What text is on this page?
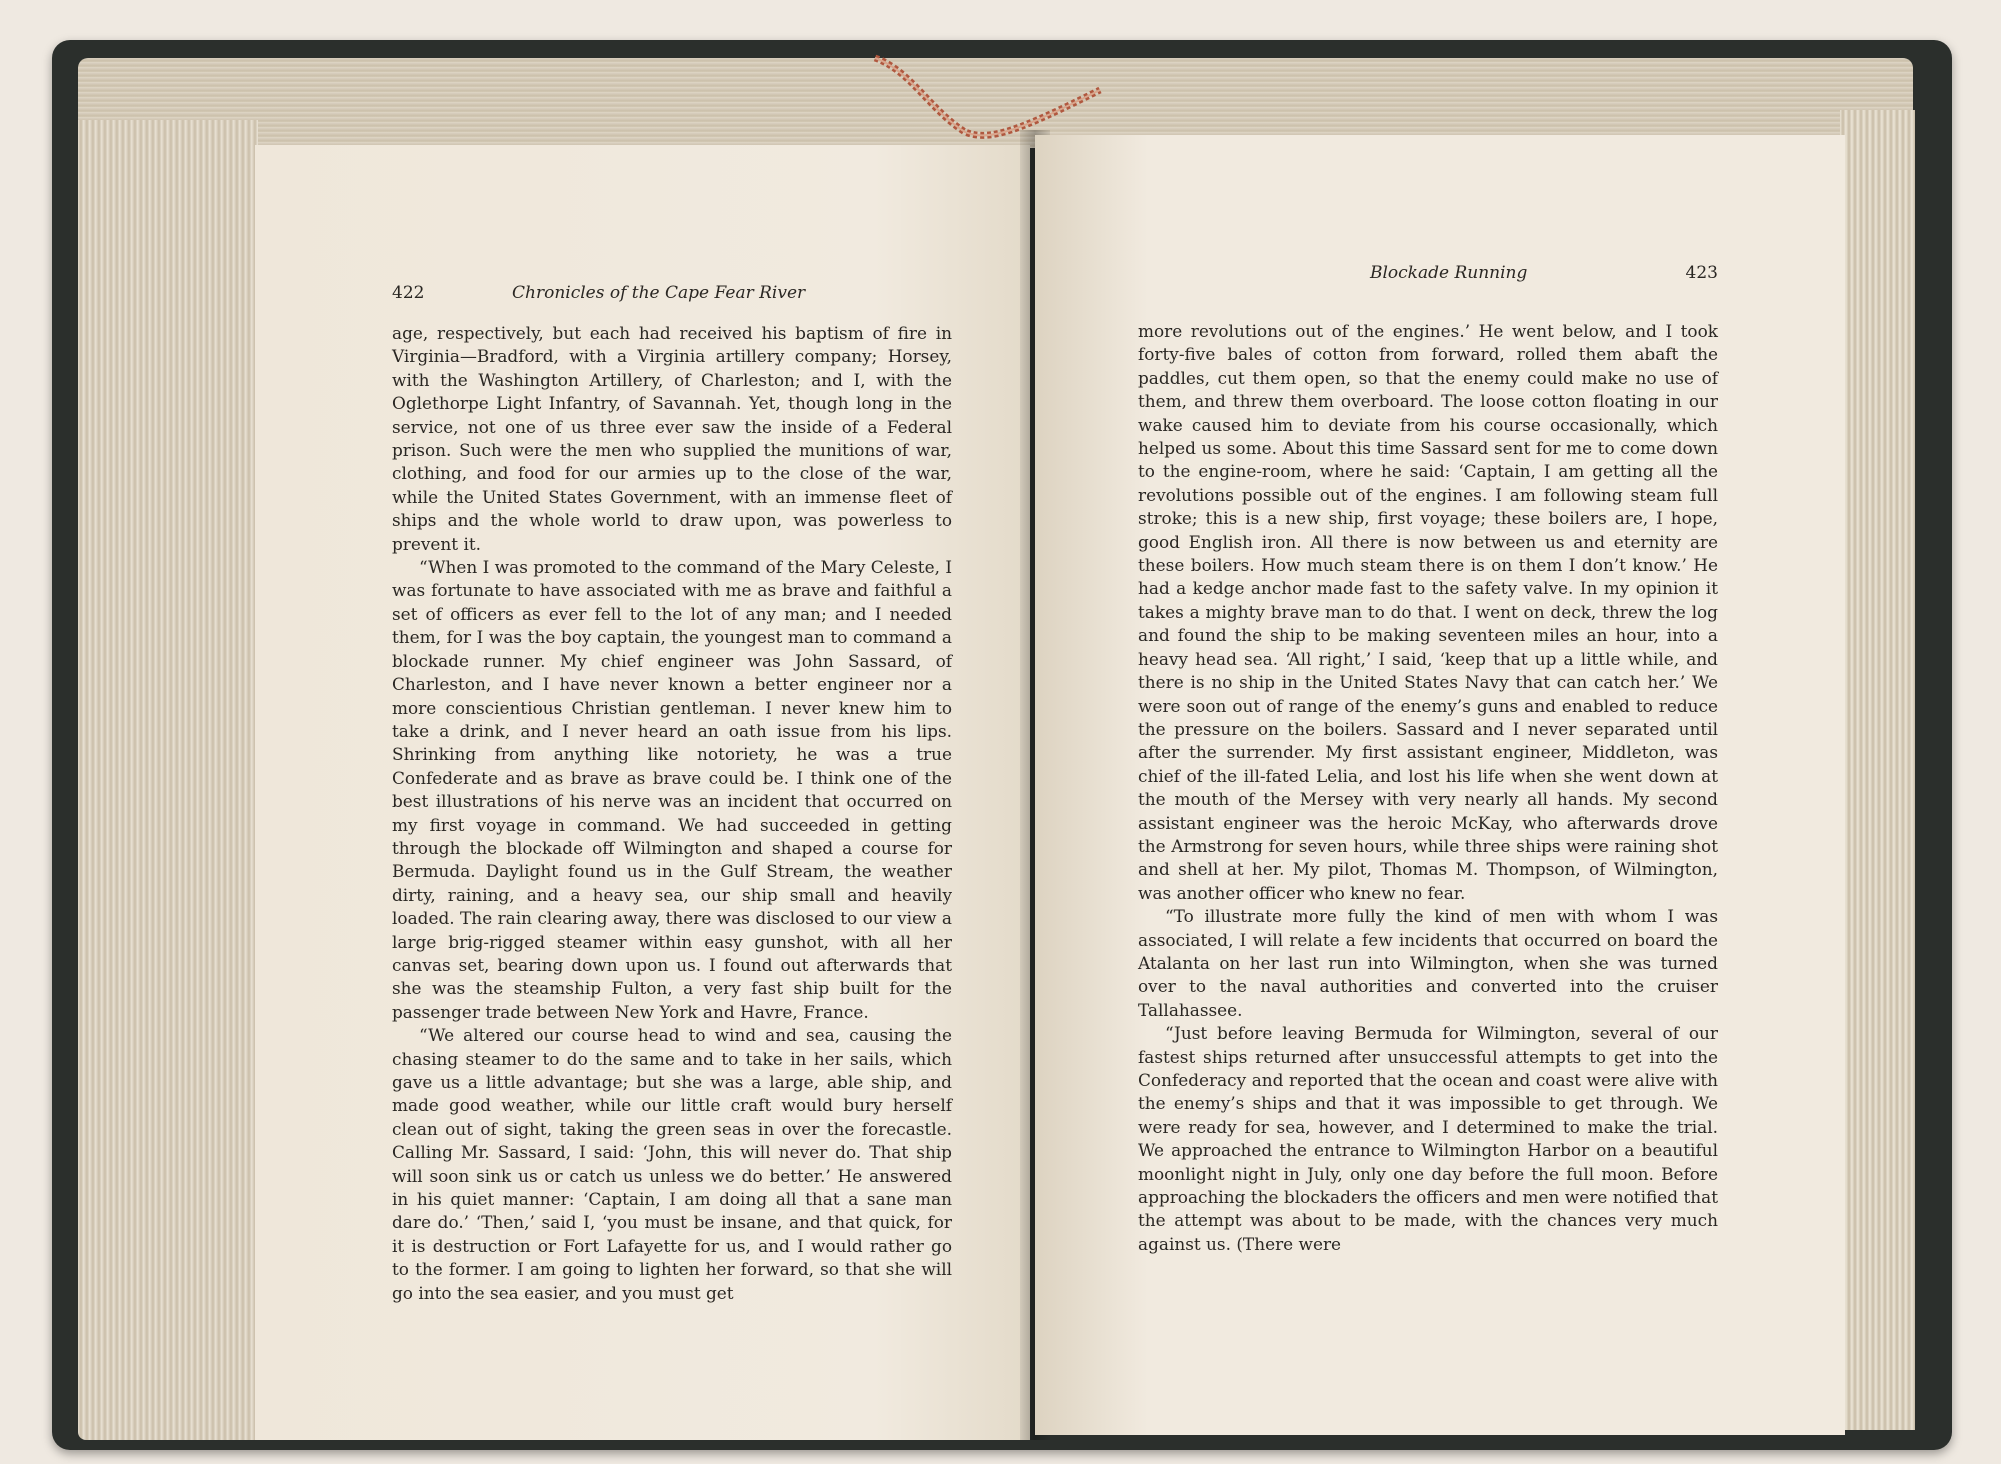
422	Chronicles of the Cape Fear River

age, respectively, but each had received his baptism of fire in Virginia—Bradford, with a Virginia artillery company; Horsey, with the Washington Artillery, of Charleston; and I, with the Oglethorpe Light Infantry, of Savannah. Yet, though long in the service, not one of us three ever saw the inside of a Federal prison. Such were the men who supplied the munitions of war, clothing, and food for our armies up to the close of the war, while the United States Government, with an immense fleet of ships and the whole world to draw upon, was powerless to prevent it.

“When I was promoted to the command of the Mary Celeste, I was fortunate to have associated with me as brave and faithful a set of officers as ever fell to the lot of any man; and I needed them, for I was the boy captain, the youngest man to command a blockade runner. My chief engineer was John Sassard, of Charleston, and I have never known a better engineer nor a more conscientious Christian gentleman. I never knew him to take a drink, and I never heard an oath issue from his lips. Shrinking from anything like notoriety, he was a true Confederate and as brave as brave could be. I think one of the best illustrations of his nerve was an incident that occurred on my first voyage in command. We had succeeded in getting through the blockade off Wilmington and shaped a course for Bermuda. Daylight found us in the Gulf Stream, the weather dirty, raining, and a heavy sea, our ship small and heavily loaded. The rain clearing away, there was disclosed to our view a large brig-rigged steamer within easy gunshot, with all her canvas set, bearing down upon us. I found out afterwards that she was the steamship Fulton, a very fast ship built for the passenger trade between New York and Havre, France.

“We altered our course head to wind and sea, causing the chasing steamer to do the same and to take in her sails, which gave us a little advantage; but she was a large, able ship, and made good weather, while our little craft would bury herself clean out of sight, taking the green seas in over the forecastle. Calling Mr. Sassard, I said: ‘John, this will never do. That ship will soon sink us or catch us unless we do better.’ He answered in his quiet manner: ‘Captain, I am doing all that a sane man dare do.’ ‘Then,’ said I, ‘you must be insane, and that quick, for it is destruction or Fort Lafayette for us, and I would rather go to the former. I am going to lighten her forward, so that she will go into the sea easier, and you must get

Blockade Running	423

more revolutions out of the engines.’ He went below, and I took forty-five bales of cotton from forward, rolled them abaft the paddles, cut them open, so that the enemy could make no use of them, and threw them overboard. The loose cotton floating in our wake caused him to deviate from his course occasionally, which helped us some. About this time Sassard sent for me to come down to the engine-room, where he said: ‘Captain, I am getting all the revolutions possible out of the engines. I am following steam full stroke; this is a new ship, first voyage; these boilers are, I hope, good English iron. All there is now between us and eternity are these boilers. How much steam there is on them I don’t know.’ He had a kedge anchor made fast to the safety valve. In my opinion it takes a mighty brave man to do that. I went on deck, threw the log and found the ship to be making seventeen miles an hour, into a heavy head sea. ‘All right,’ I said, ‘keep that up a little while, and there is no ship in the United States Navy that can catch her.’ We were soon out of range of the enemy’s guns and enabled to reduce the pressure on the boilers. Sassard and I never separated until after the surrender. My first assistant engineer, Middleton, was chief of the ill-fated Lelia, and lost his life when she went down at the mouth of the Mersey with very nearly all hands. My second assistant engineer was the heroic McKay, who afterwards drove the Armstrong for seven hours, while three ships were raining shot and shell at her. My pilot, Thomas M. Thompson, of Wilmington, was another officer who knew no fear.

“To illustrate more fully the kind of men with whom I was associated, I will relate a few incidents that occurred on board the Atalanta on her last run into Wilmington, when she was turned over to the naval authorities and converted into the cruiser Tallahassee.

“Just before leaving Bermuda for Wilmington, several of our fastest ships returned after unsuccessful attempts to get into the Confederacy and reported that the ocean and coast were alive with the enemy’s ships and that it was impossible to get through. We were ready for sea, however, and I determined to make the trial. We approached the entrance to Wilmington Harbor on a beautiful moonlight night in July, only one day before the full moon. Before approaching the blockaders the officers and men were notified that the attempt was about to be made, with the chances very much against us. (There were
